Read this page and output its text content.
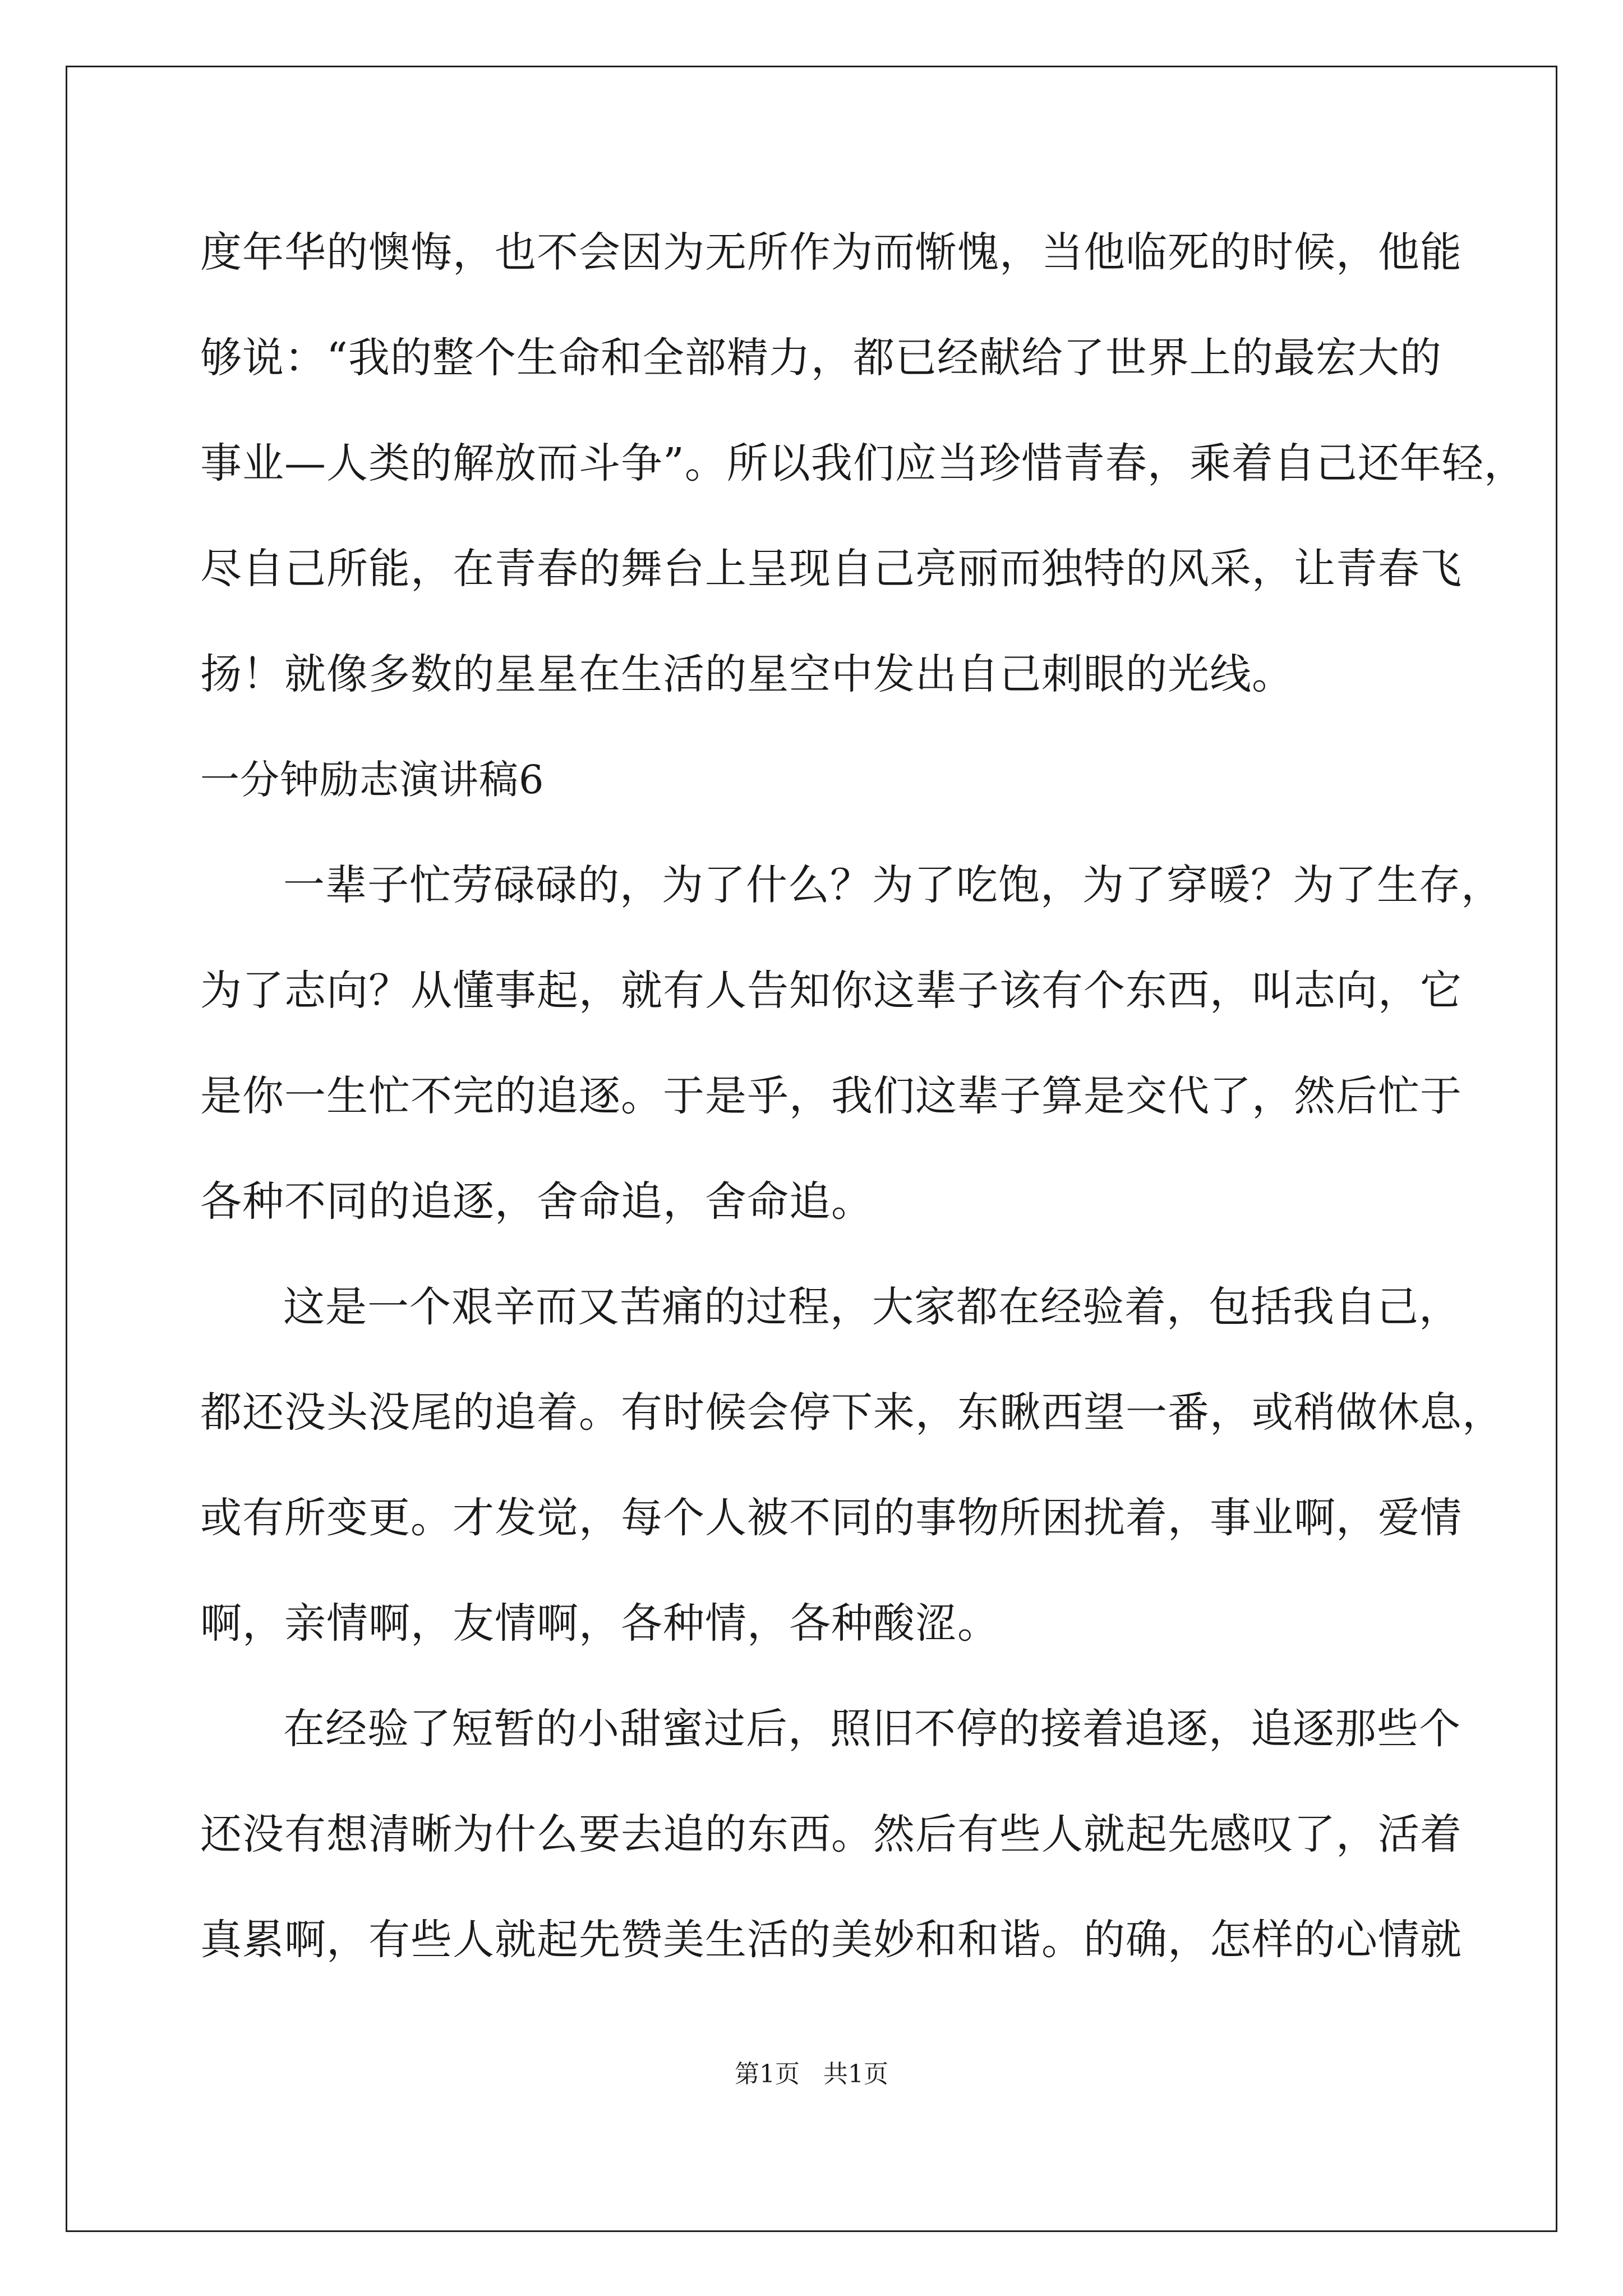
度年华的懊悔，也不会因为无所作为而惭愧，当他临死的时候，他能
够说：“我的整个生命和全部精力，都已经献给了世界上的最宏大的
事业—人类的解放而斗争”。所以我们应当珍惜青春，乘着自己还年轻，
尽自己所能，在青春的舞台上呈现自己亮丽而独特的风采，让青春飞
扬！就像多数的星星在生活的星空中发出自己刺眼的光线。
一分钟励志演讲稿6
一辈子忙劳碌碌的，为了什么？为了吃饱，为了穿暖？为了生存，
为了志向？从懂事起，就有人告知你这辈子该有个东西，叫志向，它
是你一生忙不完的追逐。于是乎，我们这辈子算是交代了，然后忙于
各种不同的追逐，舍命追，舍命追。
这是一个艰辛而又苦痛的过程，大家都在经验着，包括我自己，
都还没头没尾的追着。有时候会停下来，东瞅西望一番，或稍做休息，
或有所变更。才发觉，每个人被不同的事物所困扰着，事业啊，爱情
啊，亲情啊，友情啊，各种情，各种酸涩。
在经验了短暂的小甜蜜过后，照旧不停的接着追逐，追逐那些个
还没有想清晰为什么要去追的东西。然后有些人就起先感叹了，活着
真累啊，有些人就起先赞美生活的美妙和和谐。的确，怎样的心情就
第1页   共1页
